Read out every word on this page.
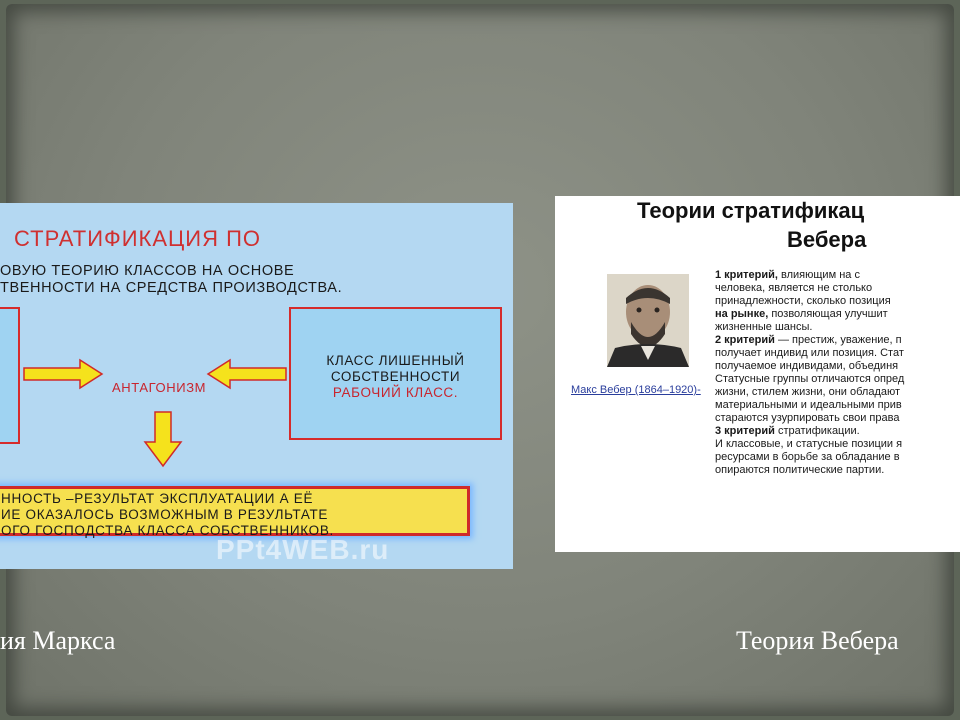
СТРАТИФИКАЦИЯ ПО
ОВУЮ ТЕОРИЮ КЛАССОВ НА ОСНОВЕ
ТВЕННОСТИ НА СРЕДСТВА ПРОИЗВОДСТВА.
КЛАСС ЛИШЕННЫЙ
СОБСТВЕННОСТИ
РАБОЧИЙ КЛАСС.
АНТАГОНИЗМ
ННОСТЬ –РЕЗУЛЬТАТ ЭКСПЛУАТАЦИИ А ЕЁ
ИЕ ОКАЗАЛОСЬ ВОЗМОЖНЫМ В РЕЗУЛЬТАТЕ
ОГО ГОСПОДСТВА КЛАССА СОБСТВЕННИКОВ.
PPt4WEB.ru
Теории стратификац
Вебера
Макс Вебер (1864–1920)-
1 критерий, влияющим на с
человека, является не столько
принадлежности, сколько позиция
на рынке, позволяющая улучшит
жизненные шансы.
2 критерий — престиж, уважение, п
получает индивид или позиция. Стат
получаемое индивидами, объединя
Статусные группы отличаются опред
жизни, стилем жизни, они обладают
материальными и идеальными прив
стараются узурпировать свои права
3 критерий стратификации.
И классовые, и статусные позиции я
ресурсами в борьбе за обладание в
опираются политические партии.
ия Маркса	Теория Вебера
